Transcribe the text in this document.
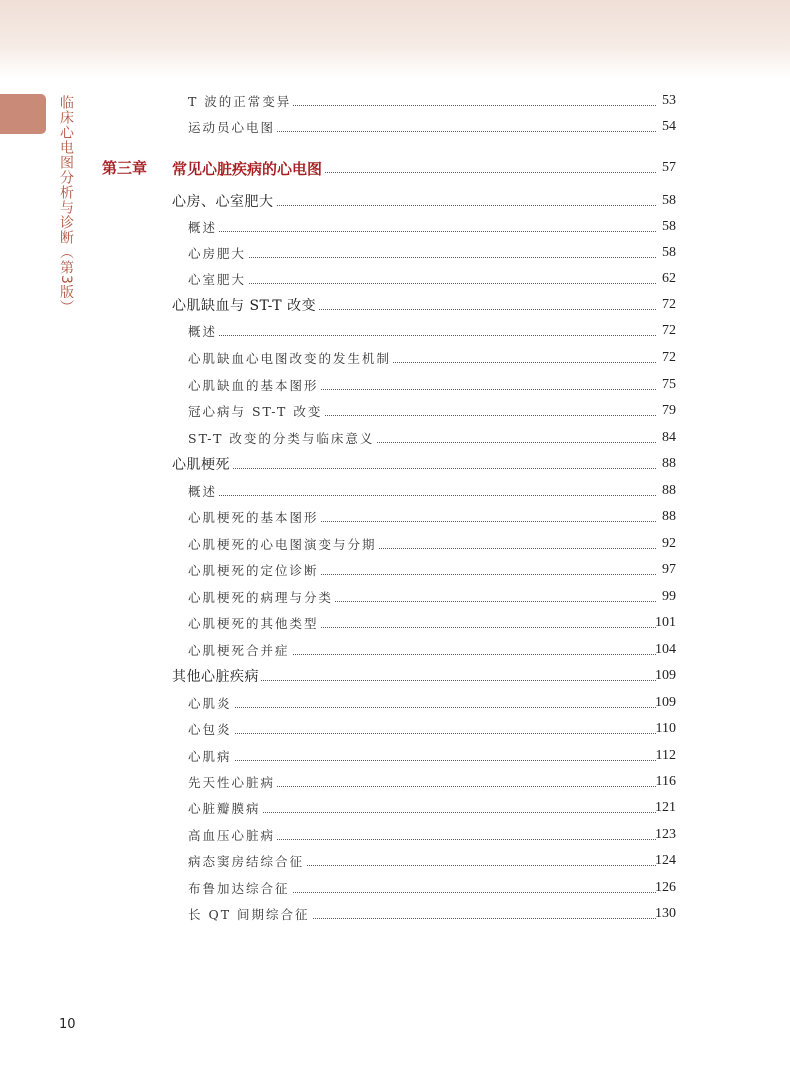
临床心电图分析与诊断（第3版）	T 波的正常变异	53
运动员心电图	54
第三章 常见心脏疾病的心电图	57
心房、心室肥大	58
概述	58
心房肥大	58
心室肥大	62
心肌缺血与 ST-T 改变	72
概述	72
心肌缺血心电图改变的发生机制	72
心肌缺血的基本图形	75
冠心病与 ST-T 改变	79
ST-T 改变的分类与临床意义	84
心肌梗死	88
概述	88
心肌梗死的基本图形	88
心肌梗死的心电图演变与分期	92
心肌梗死的定位诊断	97
心肌梗死的病理与分类	99
心肌梗死的其他类型	101
心肌梗死合并症	104
其他心脏疾病	109
心肌炎	109
心包炎	110
心肌病	112
先天性心脏病	116
心脏瓣膜病	121
高血压心脏病	123
病态窦房结综合征	124
布鲁加达综合征	126
长 QT 间期综合征	130
10
